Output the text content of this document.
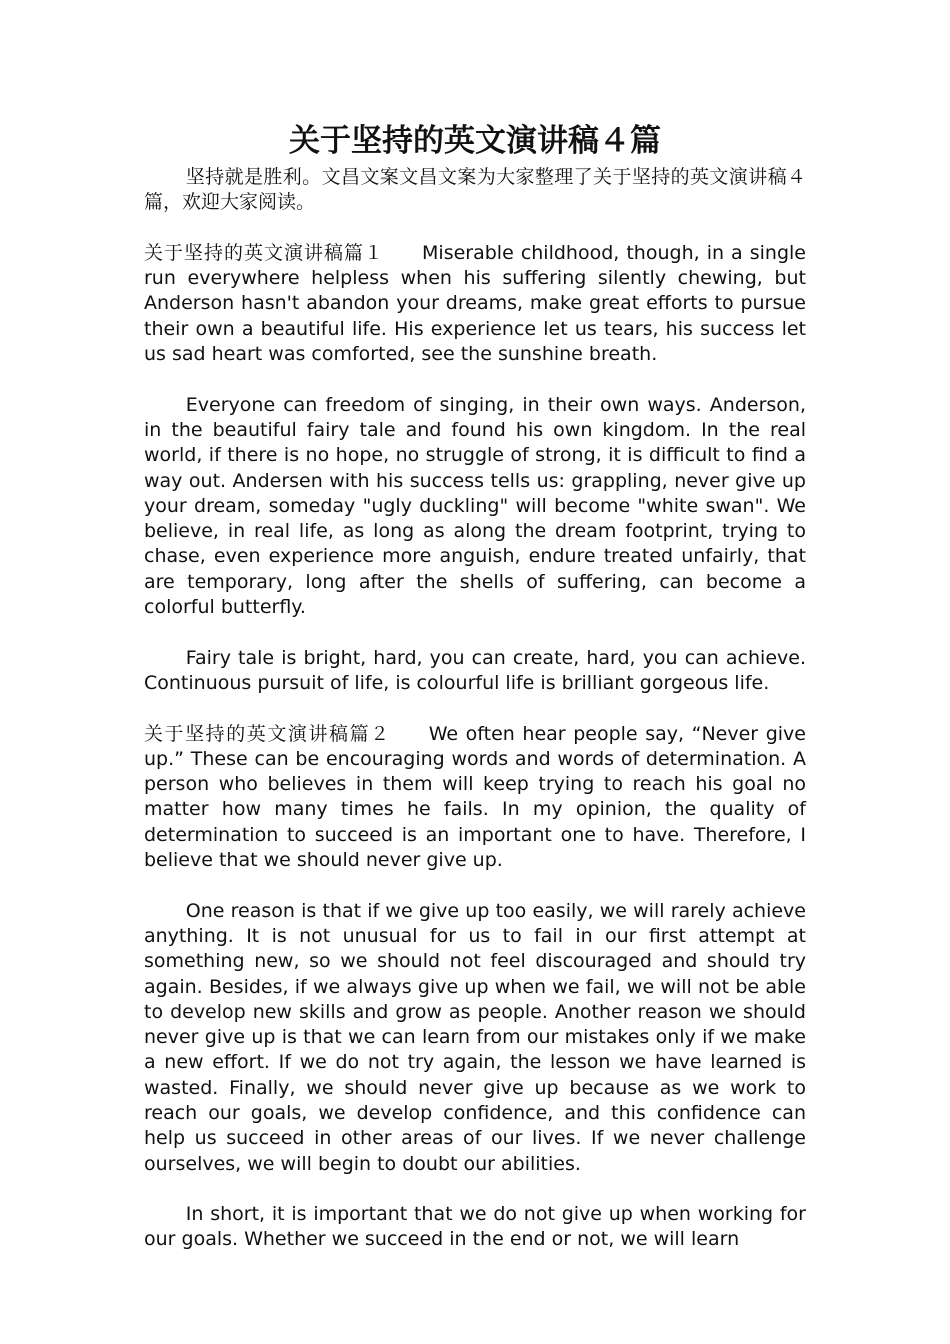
关于坚持的英文演讲稿４篇

坚持就是胜利。文昌文案文昌文案为大家整理了关于坚持的英文演讲稿４篇，欢迎大家阅读。

关于坚持的英文演讲稿篇１   Miserable childhood, though, in a single run everywhere helpless when his suffering silently chewing, but Anderson hasn't abandon your dreams, make great efforts to pursue their own a beautiful life. His experience let us tears, his success let us sad heart was comforted, see the sunshine breath.

Everyone can freedom of singing, in their own ways. Anderson, in the beautiful fairy tale and found his own kingdom. In the real world, if there is no hope, no struggle of strong, it is difficult to find a way out. Andersen with his success tells us: grappling, never give up your dream, someday "ugly duckling" will become "white swan". We believe, in real life, as long as along the dream footprint, trying to chase, even experience more anguish, endure treated unfairly, that are temporary, long after the shells of suffering, can become a colorful butterfly.

Fairy tale is bright, hard, you can create, hard, you can achieve. Continuous pursuit of life, is colourful life is brilliant gorgeous life.

关于坚持的英文演讲稿篇２   We often hear people say, “Never give up.” These can be encouraging words and words of determination. A person who believes in them will keep trying to reach his goal no matter how many times he fails. In my opinion, the quality of determination to succeed is an important one to have. Therefore, I believe that we should never give up.

One reason is that if we give up too easily, we will rarely achieve anything. It is not unusual for us to fail in our first attempt at something new, so we should not feel discouraged and should try again. Besides, if we always give up when we fail, we will not be able to develop new skills and grow as people. Another reason we should never give up is that we can learn from our mistakes only if we make a new effort. If we do not try again, the lesson we have learned is wasted. Finally, we should never give up because as we work to reach our goals, we develop confidence, and this confidence can help us succeed in other areas of our lives. If we never challenge ourselves, we will begin to doubt our abilities.

In short, it is important that we do not give up when working for our goals. Whether we succeed in the end or not, we will learn
